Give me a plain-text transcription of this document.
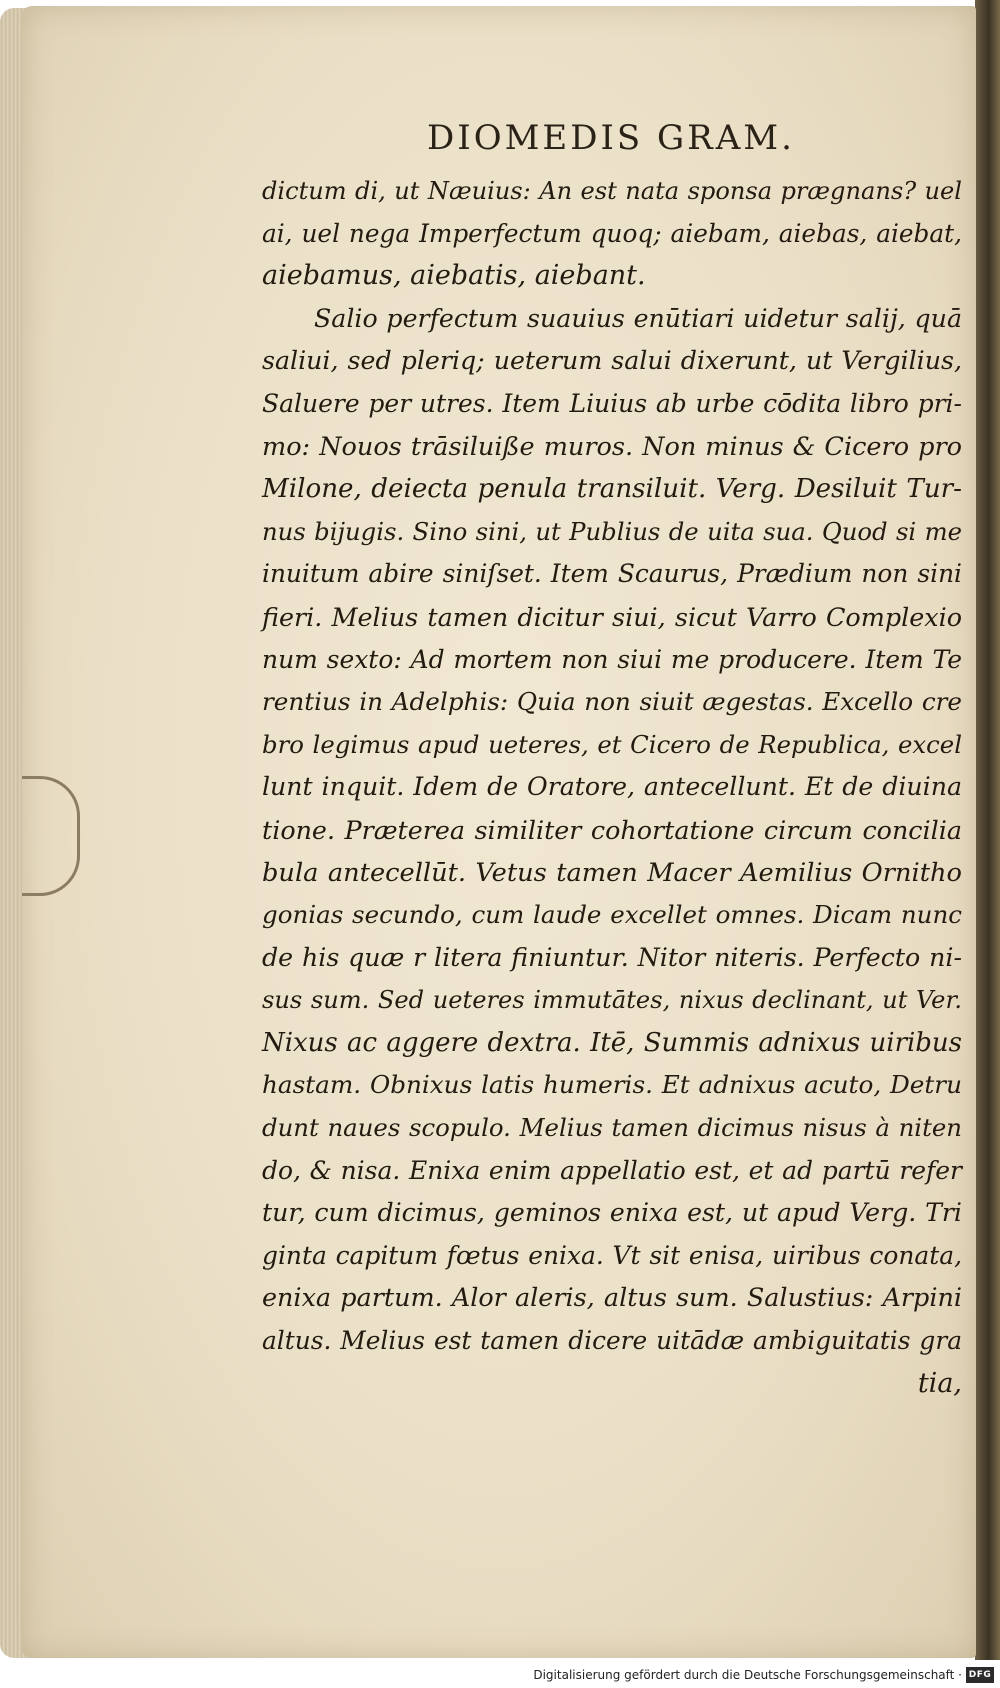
DIOMEDIS GRAM.
dictum di, ut Næuius: An est nata sponsa prægnans? uel
ai, uel nega Imperfectum quoq; aiebam, aiebas, aiebat,
aiebamus, aiebatis, aiebant.
Salio perfectum suauius enūtiari uidetur salij, quā
saliui, sed pleriq; ueterum salui dixerunt, ut Vergilius,
Saluere per utres. Item Liuius ab urbe cōdita libro pri-
mo: Nouos trāsiluiße muros. Non minus & Cicero pro
Milone, deiecta penula transiluit. Verg. Desiluit Tur-
nus bijugis. Sino sini, ut Publius de uita sua. Quod si me
inuitum abire siniſset. Item Scaurus, Prædium non sini
fieri. Melius tamen dicitur siui, sicut Varro Complexio
num sexto: Ad mortem non siui me producere. Item Te
rentius in Adelphis: Quia non siuit ægestas. Excello cre
bro legimus apud ueteres, et Cicero de Republica, excel
lunt inquit. Idem de Oratore, antecellunt. Et de diuina
tione. Præterea similiter cohortatione circum concilia
bula antecellūt. Vetus tamen Macer Aemilius Ornitho
gonias secundo, cum laude excellet omnes. Dicam nunc
de his quæ r litera finiuntur. Nitor niteris. Perfecto ni-
sus sum. Sed ueteres immutātes, nixus declinant, ut Ver.
Nixus ac aggere dextra. Itē, Summis adnixus uiribus
hastam. Obnixus latis humeris. Et adnixus acuto, Detru
dunt naues scopulo. Melius tamen dicimus nisus à niten
do, & nisa. Enixa enim appellatio est, et ad partū refer
tur, cum dicimus, geminos enixa est, ut apud Verg. Tri
ginta capitum fœtus enixa. Vt sit enisa, uiribus conata,
enixa partum. Alor aleris, altus sum. Salustius: Arpini
altus. Melius est tamen dicere uitādæ ambiguitatis gra
tia,
Digitalisierung gefördert durch die Deutsche Forschungsgemeinschaft · DFG
